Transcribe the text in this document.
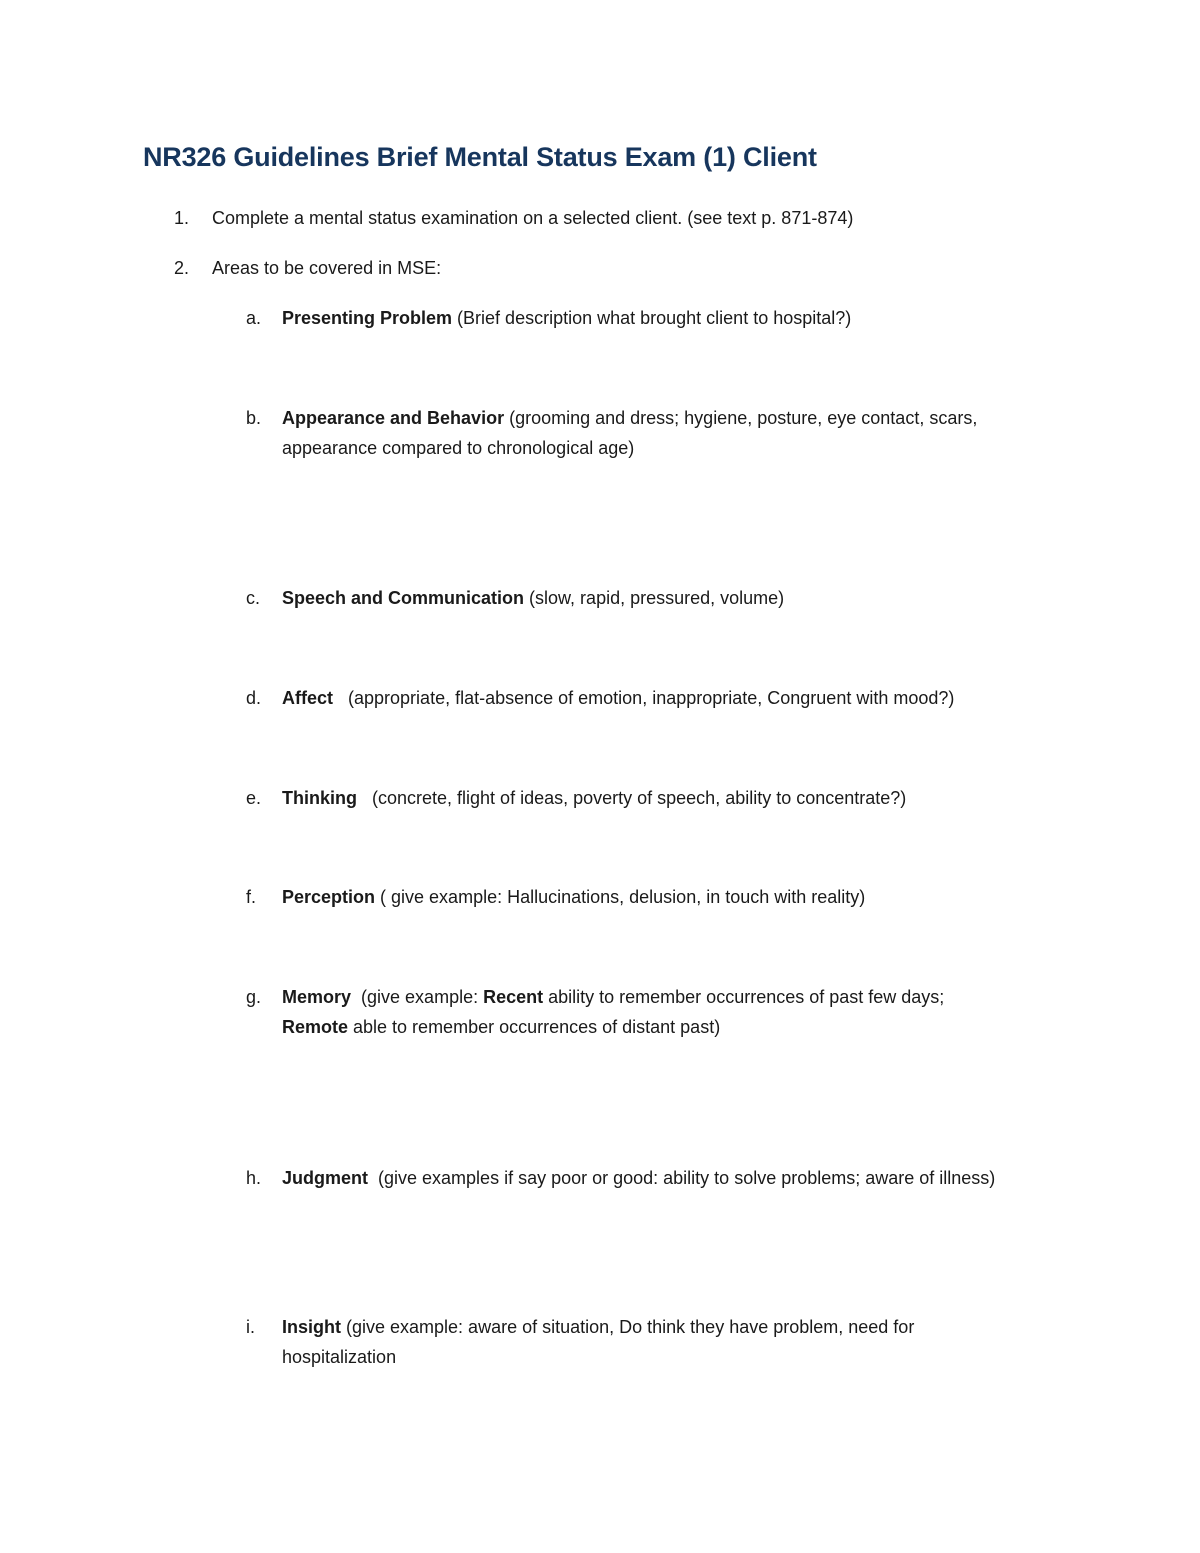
NR326 Guidelines Brief Mental Status Exam (1) Client
1. Complete a mental status examination on a selected client. (see text p. 871-874)
2. Areas to be covered in MSE:
a.	Presenting Problem (Brief description what brought client to hospital?)
b.	Appearance and Behavior (grooming and dress; hygiene, posture, eye contact, scars, appearance compared to chronological age)
c.	Speech and Communication (slow, rapid, pressured, volume)
d.	Affect   (appropriate, flat-absence of emotion, inappropriate, Congruent with mood?)
e.	Thinking   (concrete, flight of ideas, poverty of speech, ability to concentrate?)
f.	Perception ( give example: Hallucinations, delusion, in touch with reality)
g.	Memory  (give example: Recent ability to remember occurrences of past few days;
Remote able to remember occurrences of distant past)
h.	Judgment  (give examples if say poor or good: ability to solve problems; aware of illness)
i.	Insight (give example: aware of situation, Do think they have problem, need for hospitalization
